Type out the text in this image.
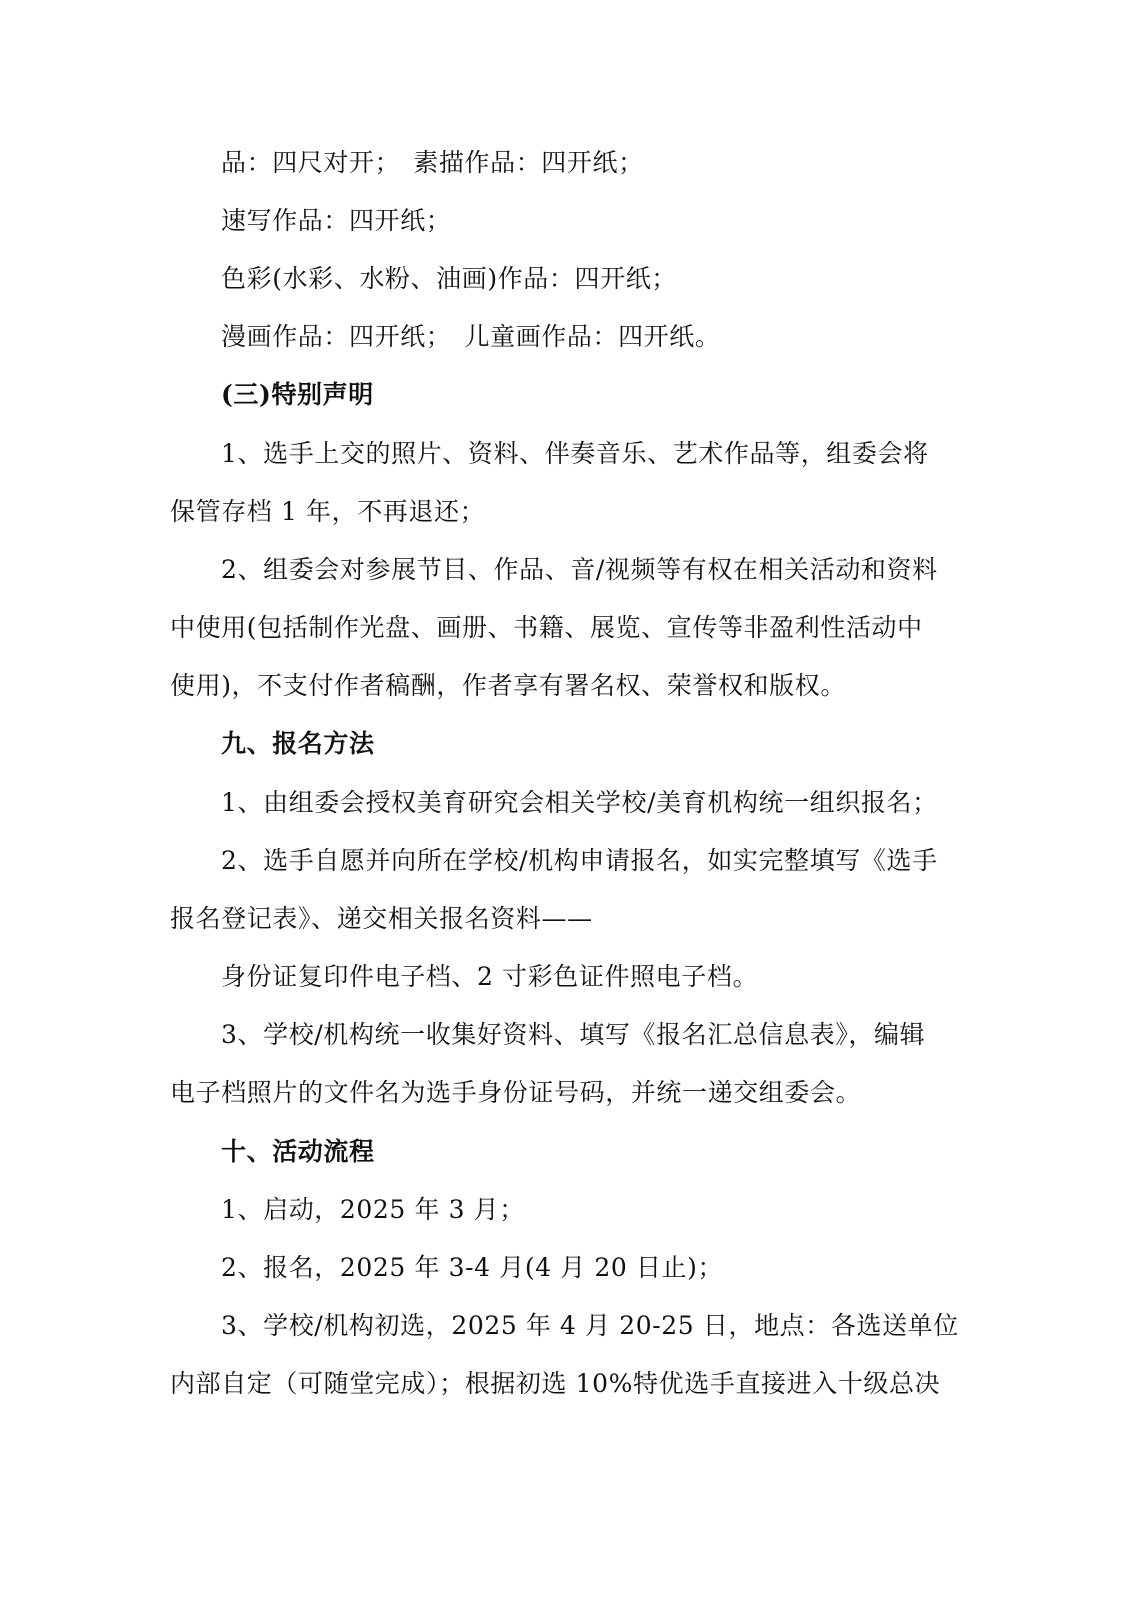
品：四尺对开；　素描作品：四开纸；
速写作品：四开纸；
色彩(水彩、水粉、油画)作品：四开纸；
漫画作品：四开纸；　儿童画作品：四开纸。
(三)特别声明
1、选手上交的照片、资料、伴奏音乐、艺术作品等，组委会将
保管存档 1 年，不再退还；
2、组委会对参展节目、作品、音/视频等有权在相关活动和资料
中使用(包括制作光盘、画册、书籍、展览、宣传等非盈利性活动中
使用)，不支付作者稿酬，作者享有署名权、荣誉权和版权。
九、报名方法
1、由组委会授权美育研究会相关学校/美育机构统一组织报名；
2、选手自愿并向所在学校/机构申请报名，如实完整填写《选手
报名登记表》、递交相关报名资料——
身份证复印件电子档、2 寸彩色证件照电子档。
3、学校/机构统一收集好资料、填写《报名汇总信息表》，编辑
电子档照片的文件名为选手身份证号码，并统一递交组委会。
十、活动流程
1、启动，2025 年 3 月；
2、报名，2025 年 3-4 月(4 月 20 日止)；
3、学校/机构初选，2025 年 4 月 20-25 日，地点：各选送单位
内部自定（可随堂完成）；根据初选 10%特优选手直接进入十级总决
